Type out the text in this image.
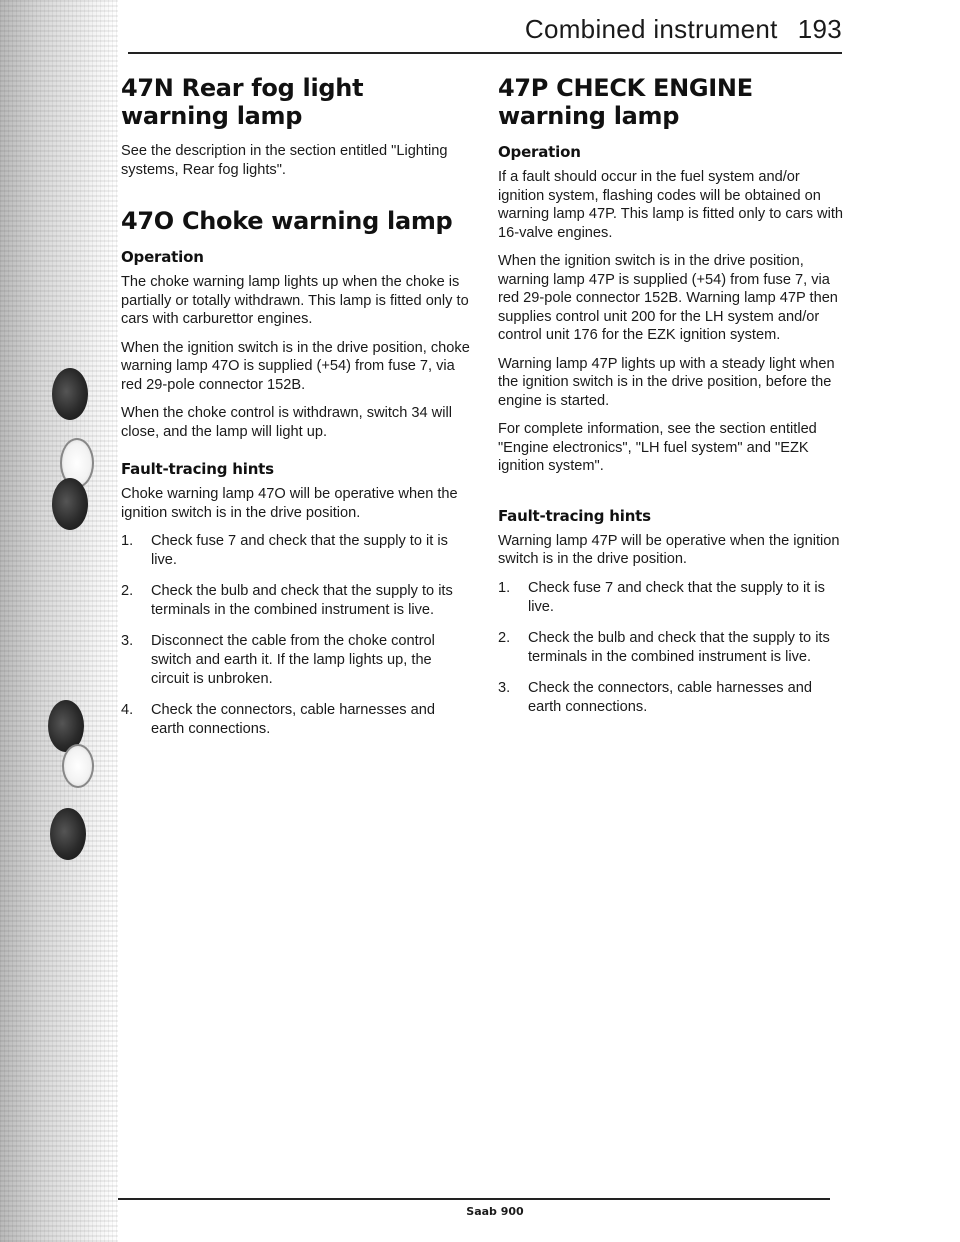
Combined instrument 193
47N Rear fog light warning lamp

See the description in the section entitled "Lighting systems, Rear fog lights".

47O Choke warning lamp
Operation

The choke warning lamp lights up when the choke is partially or totally withdrawn. This lamp is fitted only to cars with carburettor engines.

When the ignition switch is in the drive position, choke warning lamp 47O is supplied (+54) from fuse 7, via red 29-pole connector 152B.

When the choke control is withdrawn, switch 34 will close, and the lamp will light up.

Fault-tracing hints

Choke warning lamp 47O will be operative when the ignition switch is in the drive position.

1.	Check fuse 7 and check that the supply to it is live.
2.	Check the bulb and check that the supply to its terminals in the combined instrument is live.
3.	Disconnect the cable from the choke control switch and earth it. If the lamp lights up, the circuit is unbroken.
4.	Check the connectors, cable harnesses and earth connections.
47P CHECK ENGINE warning lamp
Operation

If a fault should occur in the fuel system and/or ignition system, flashing codes will be obtained on warning lamp 47P. This lamp is fitted only to cars with 16-valve engines.

When the ignition switch is in the drive position, warning lamp 47P is supplied (+54) from fuse 7, via red 29-pole connector 152B. Warning lamp 47P then supplies control unit 200 for the LH system and/or control unit 176 for the EZK ignition system.

Warning lamp 47P lights up with a steady light when the ignition switch is in the drive position, before the engine is started.

For complete information, see the section entitled "Engine electronics", "LH fuel system" and "EZK ignition system".

Fault-tracing hints

Warning lamp 47P will be operative when the ignition switch is in the drive position.

1.	Check fuse 7 and check that the supply to it is live.
2.	Check the bulb and check that the supply to its terminals in the combined instrument is live.
3.	Check the connectors, cable harnesses and earth connections.
Saab 900
